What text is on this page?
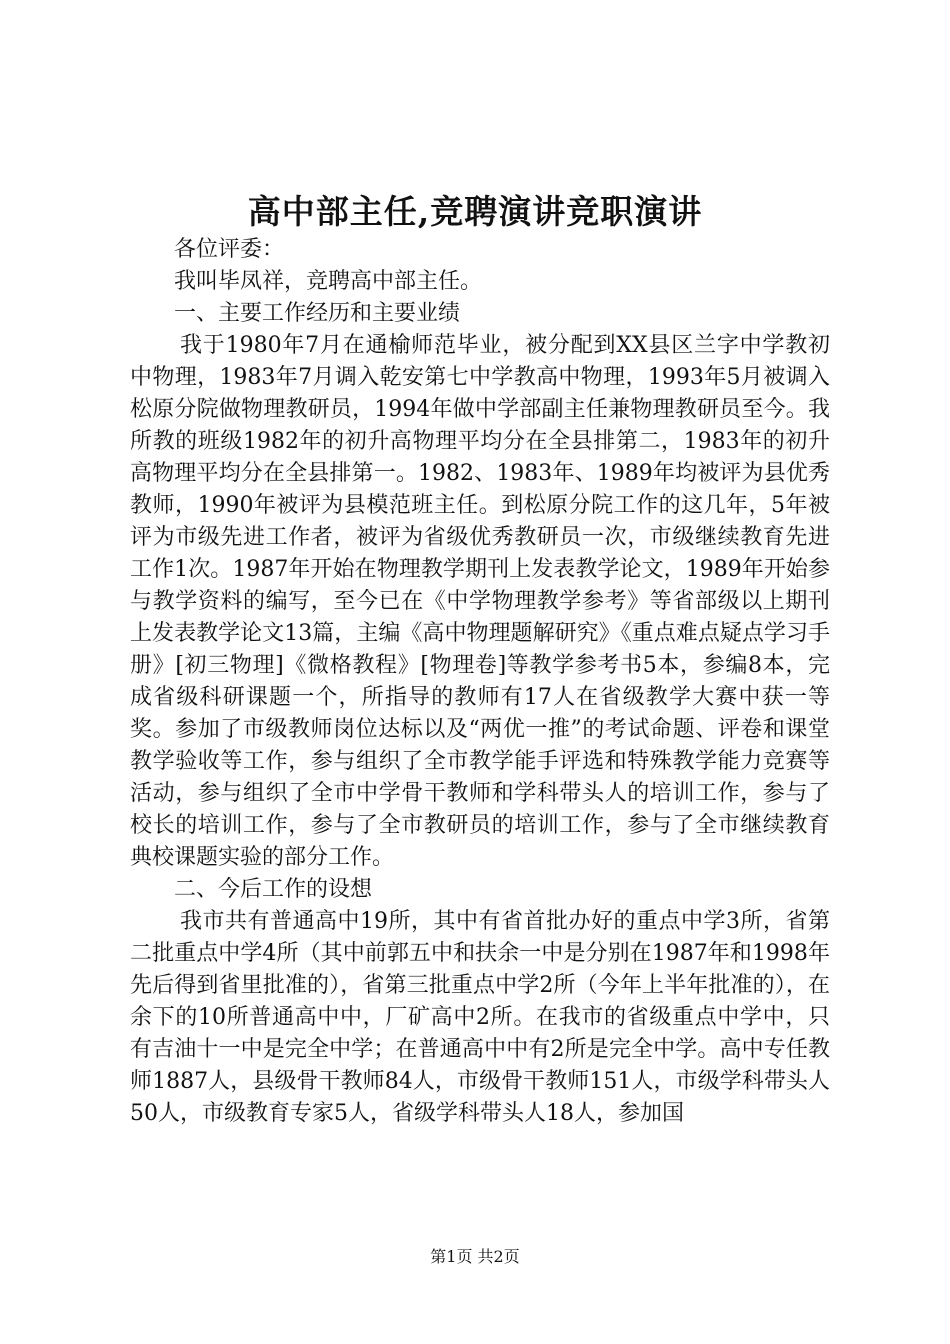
高中部主任,竞聘演讲竞职演讲

各位评委：

我叫毕凤祥，竞聘高中部主任。

一、主要工作经历和主要业绩

我于1980年7月在通榆师范毕业，被分配到XX县区兰字中学教初中物理，1983年7月调入乾安第七中学教高中物理，1993年5月被调入松原分院做物理教研员，1994年做中学部副主任兼物理教研员至今。我所教的班级1982年的初升高物理平均分在全县排第二，1983年的初升高物理平均分在全县排第一。1982、1983年、1989年均被评为县优秀教师，1990年被评为县模范班主任。到松原分院工作的这几年，5年被评为市级先进工作者，被评为省级优秀教研员一次，市级继续教育先进工作1次。1987年开始在物理教学期刊上发表教学论文，1989年开始参与教学资料的编写，至今已在《中学物理教学参考》等省部级以上期刊上发表教学论文13篇，主编《高中物理题解研究》《重点难点疑点学习手册》[初三物理]《微格教程》[物理卷]等教学参考书5本，参编8本，完成省级科研课题一个，所指导的教师有17人在省级教学大赛中获一等奖。参加了市级教师岗位达标以及“两优一推”的考试命题、评卷和课堂教学验收等工作，参与组织了全市教学能手评选和特殊教学能力竞赛等活动，参与组织了全市中学骨干教师和学科带头人的培训工作，参与了校长的培训工作，参与了全市教研员的培训工作，参与了全市继续教育典校课题实验的部分工作。

二、今后工作的设想

我市共有普通高中19所，其中有省首批办好的重点中学3所，省第二批重点中学4所（其中前郭五中和扶余一中是分别在1987年和1998年先后得到省里批准的），省第三批重点中学2所（今年上半年批准的），在余下的10所普通高中中，厂矿高中2所。在我市的省级重点中学中，只有吉油十一中是完全中学；在普通高中中有2所是完全中学。高中专任教师1887人，县级骨干教师84人，市级骨干教师151人，市级学科带头人50人，市级教育专家5人，省级学科带头人18人，参加国

第1页 共2页
